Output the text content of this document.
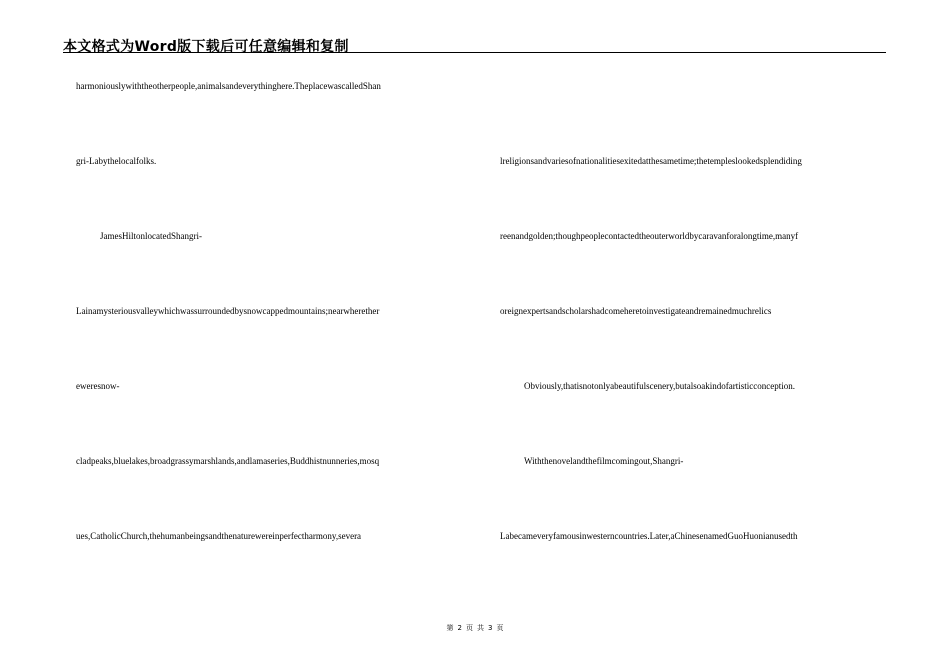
本文格式为Word版下载后可任意编辑和复制
harmoniouslywiththeotherpeople,animalsandeverythinghere.TheplacewascalledShan
gri-Labythelocalfolks.
JamesHiltonlocatedShangri-
Lainamysteriousvalleywhichwassurroundedbysnowcappedmountains;nearwherether
eweresnow-
cladpeaks,bluelakes,broadgrassymarshlands,andlamaseries,Buddhistnunneries,mosq
ues,CatholicChurch,thehumanbeingsandthenaturewereinperfectharmony,severa
lreligionsandvariesofnationalitiesexitedatthesametime;thetempleslookedsplendiding
reenandgolden;thoughpeoplecontactedtheouterworldbycaravanforalongtime,manyf
oreignexpertsandscholarshadcomeheretoinvestigateandremainedmuchrelics
Obviously,thatisnotonlyabeautifulscenery,butalsoakindofartisticconception.
Withthenovelandthefilmcomingout,Shangri-
Labecameveryfamousinwesterncountries.Later,aChinesenamedGuoHuonianusedth
第 2 页 共 3 页
